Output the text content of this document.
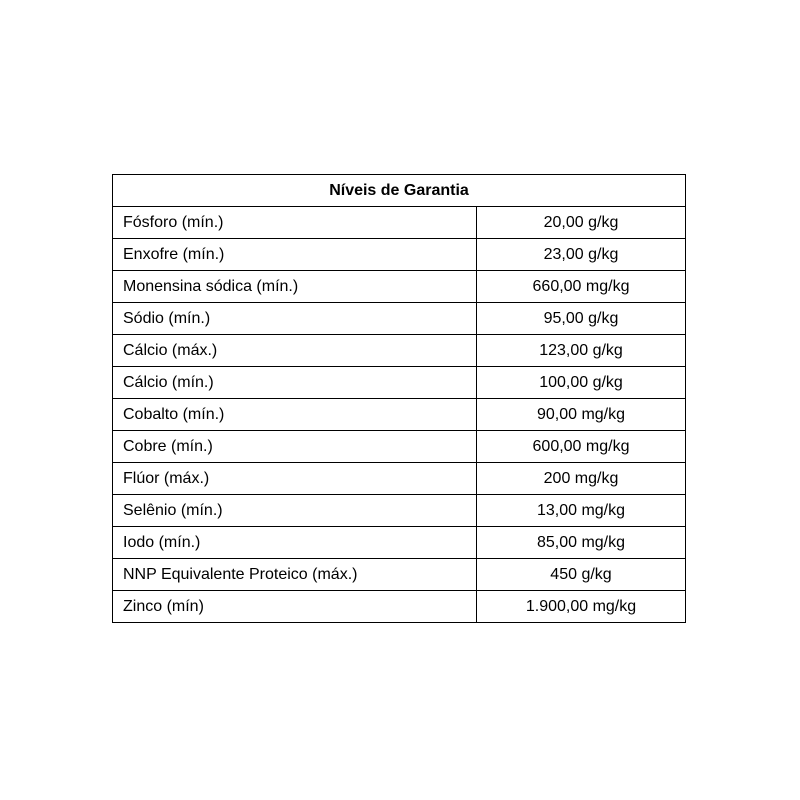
Níveis de Garantia	
Fósforo (mín.)	20,00 g/kg
Enxofre (mín.)	23,00 g/kg
Monensina sódica (mín.)	660,00 mg/kg
Sódio (mín.)	95,00 g/kg
Cálcio (máx.)	123,00 g/kg
Cálcio (mín.)	100,00 g/kg
Cobalto (mín.)	90,00 mg/kg
Cobre (mín.)	600,00 mg/kg
Flúor (máx.)	200 mg/kg
Selênio (mín.)	13,00 mg/kg
Iodo (mín.)	85,00 mg/kg
NNP Equivalente Proteico (máx.)	450 g/kg
Zinco (mín)	1.900,00 mg/kg
